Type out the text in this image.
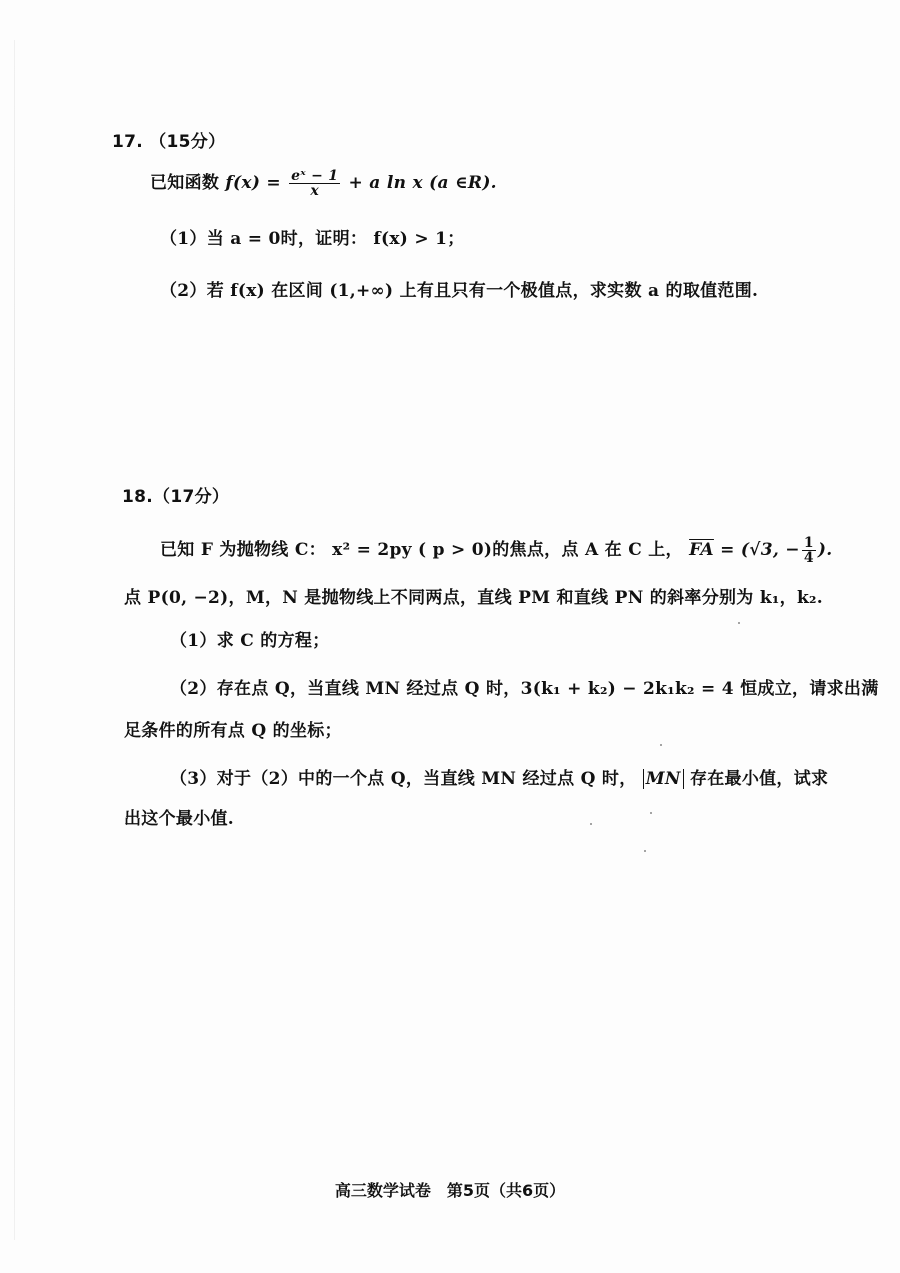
17. （15分）
已知函数 $f(x) = \frac{\text{eˣ − 1}}{x} + a$ ln x (a ∈R).
（1）当 a = 0时，证明： f(x) > 1；
（2）若 f(x) 在区间 (1,+∞) 上有且只有一个极值点，求实数 a 的取值范围.
18.（17分）
已知 F 为抛物线 C： x² = 2py ( p > 0)的焦点，点 A 在 C 上， $\overline{FA} = (√3$, − $\frac{1}{4}$ ).
点 P(0, −2)，M，N 是抛物线上不同两点，直线 PM 和直线 PN 的斜率分别为 k₁，k₂.
（1）求 C 的方程；
（2）存在点 Q，当直线 MN 经过点 Q 时，3(k₁ + k₂) − 2k₁k₂ = 4 恒成立，请求出满
足条件的所有点 Q 的坐标；
（3）对于（2）中的一个点 Q，当直线 MN 经过点 Q 时， MN 存在最小值，试求
出这个最小值.
高三数学试卷　第5页（共6页）
